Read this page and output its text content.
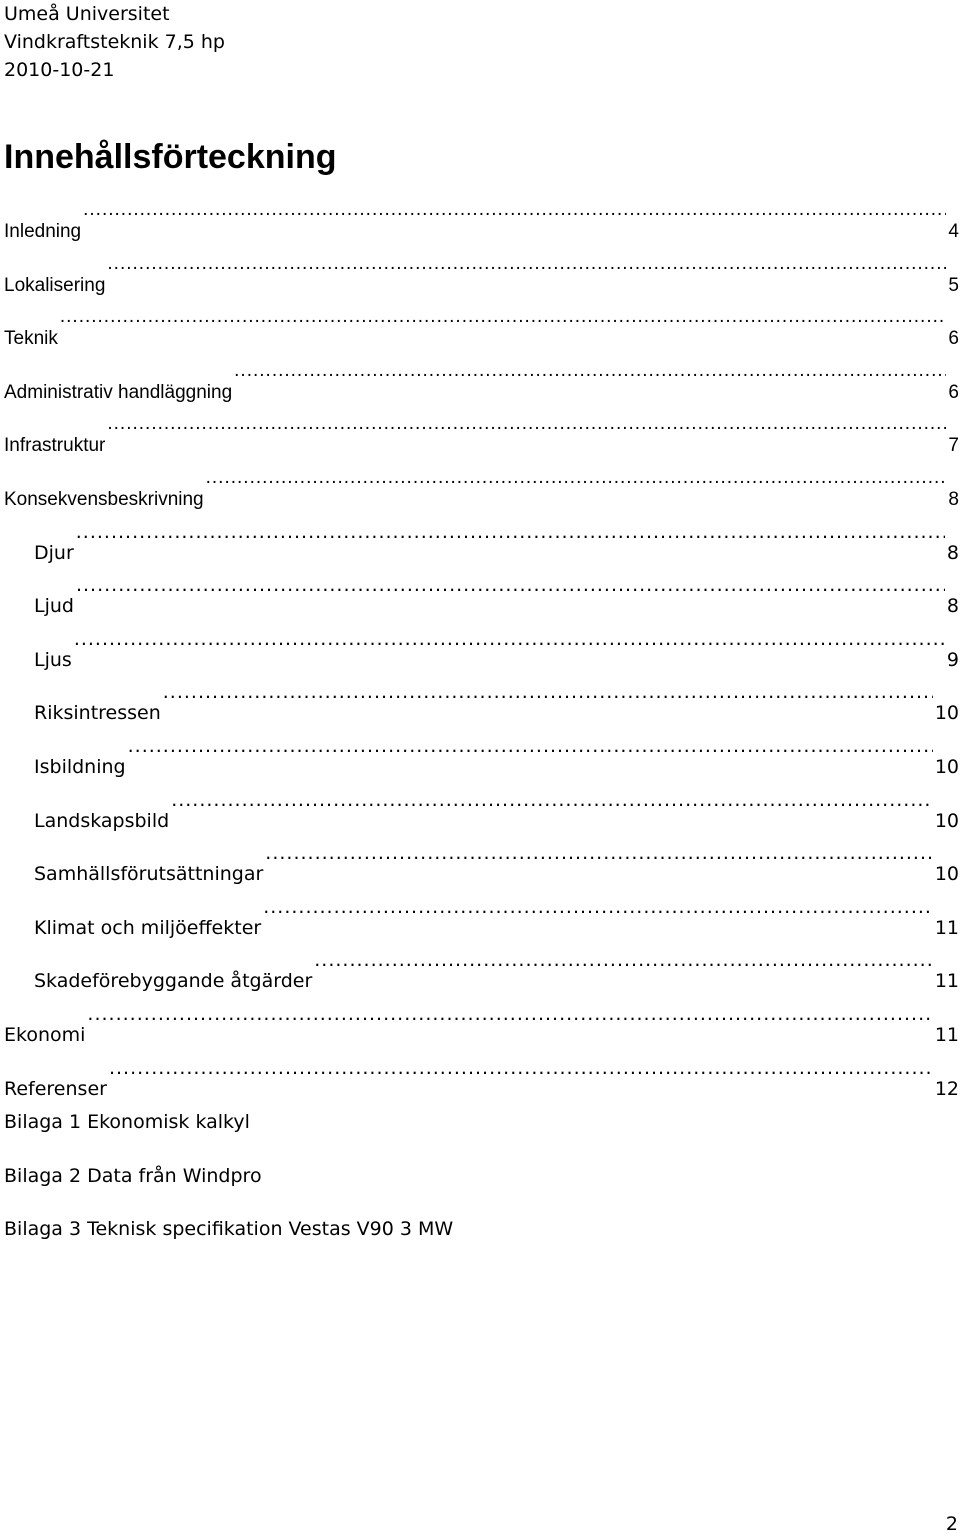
Umeå Universitet
Vindkraftsteknik 7,5 hp
2010-10-21
Innehållsförteckning
Inledning .....	4
Lokalisering .....	5
Teknik .....	6
Administrativ handläggning .....	6
Infrastruktur .....	7
Konsekvensbeskrivning .....	8
Djur .....	8
Ljud .....	8
Ljus .....	9
Riksintressen .....	10
Isbildning .....	10
Landskapsbild .....	10
Samhällsförutsättningar .....	10
Klimat och miljöeffekter .....	11
Skadeförebyggande åtgärder .....	11
Ekonomi .....	11
Referenser .....	12
Bilaga 1 Ekonomisk kalkyl
Bilaga 2 Data från Windpro
Bilaga 3 Teknisk specifikation Vestas V90 3 MW
2
